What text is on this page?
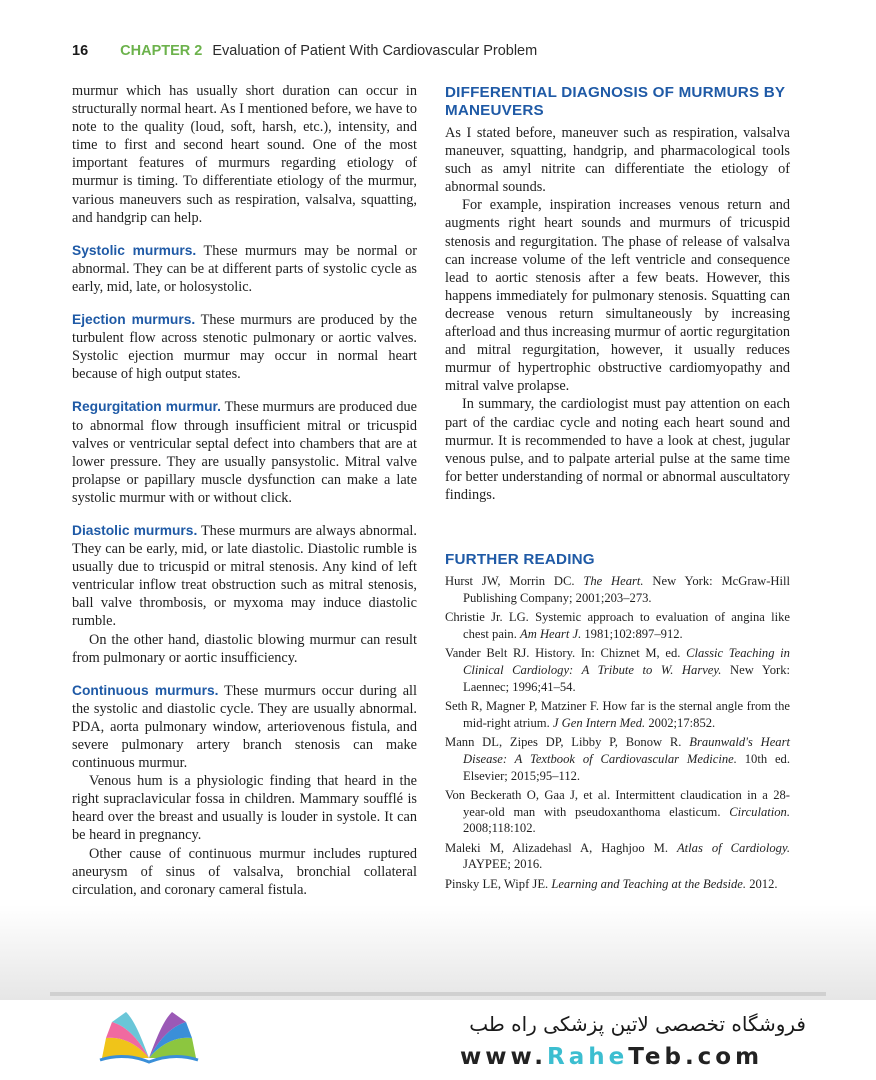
16 CHAPTER 2 Evaluation of Patient With Cardiovascular Problem

murmur which has usually short duration can occur in structurally normal heart. As I mentioned before, we have to note to the quality (loud, soft, harsh, etc.), intensity, and time to first and second heart sound. One of the most important features of murmurs regarding etiology of murmur is timing. To differentiate etiology of the murmur, various maneuvers such as respiration, valsalva, squatting, and handgrip can help.

Systolic murmurs. These murmurs may be normal or abnormal. They can be at different parts of systolic cycle as early, mid, late, or holosystolic.

Ejection murmurs. These murmurs are produced by the turbulent flow across stenotic pulmonary or aortic valves. Systolic ejection murmur may occur in normal heart because of high output states.

Regurgitation murmur. These murmurs are produced due to abnormal flow through insufficient mitral or tricuspid valves or ventricular septal defect into chambers that are at lower pressure. They are usually pansystolic. Mitral valve prolapse or papillary muscle dysfunction can make a late systolic murmur with or without click.

Diastolic murmurs. These murmurs are always abnormal. They can be early, mid, or late diastolic. Diastolic rumble is usually due to tricuspid or mitral stenosis. Any kind of left ventricular inflow treat obstruction such as mitral stenosis, ball valve thrombosis, or myxoma may induce diastolic rumble.

On the other hand, diastolic blowing murmur can result from pulmonary or aortic insufficiency.

Continuous murmurs. These murmurs occur during all the systolic and diastolic cycle. They are usually abnormal. PDA, aorta pulmonary window, arteriovenous fistula, and severe pulmonary artery branch stenosis can make continuous murmur.

Venous hum is a physiologic finding that heard in the right supraclavicular fossa in children. Mammary soufflé is heard over the breast and usually is louder in systole. It can be heard in pregnancy.

Other cause of continuous murmur includes ruptured aneurysm of sinus of valsalva, bronchial collateral circulation, and coronary cameral fistula.

DIFFERENTIAL DIAGNOSIS OF MURMURS BY MANEUVERS

As I stated before, maneuver such as respiration, valsalva maneuver, squatting, handgrip, and pharmacological tools such as amyl nitrite can differentiate the etiology of abnormal sounds.

For example, inspiration increases venous return and augments right heart sounds and murmurs of tricuspid stenosis and regurgitation. The phase of release of valsalva can increase volume of the left ventricle and consequence lead to aortic stenosis after a few beats. However, this happens immediately for pulmonary stenosis. Squatting can decrease venous return simultaneously by increasing afterload and thus increasing murmur of aortic regurgitation and mitral regurgitation, however, it usually reduces murmur of hypertrophic obstructive cardiomyopathy and mitral valve prolapse.

In summary, the cardiologist must pay attention on each part of the cardiac cycle and noting each heart sound and murmur. It is recommended to have a look at chest, jugular venous pulse, and to palpate arterial pulse at the same time for better understanding of normal or abnormal auscultatory findings.

FURTHER READING
Hurst JW, Morrin DC. The Heart. New York: McGraw-Hill Publishing Company; 2001;203–273.
Christie Jr. LG. Systemic approach to evaluation of angina like chest pain. Am Heart J. 1981;102:897–912.
Vander Belt RJ. History. In: Chiznet M, ed. Classic Teaching in Clinical Cardiology: A Tribute to W. Harvey. New York: Laennec; 1996;41–54.
Seth R, Magner P, Matziner F. How far is the sternal angle from the mid-right atrium. J Gen Intern Med. 2002;17:852.
Mann DL, Zipes DP, Libby P, Bonow R. Braunwald's Heart Disease: A Textbook of Cardiovascular Medicine. 10th ed. Elsevier; 2015;95–112.
Von Beckerath O, Gaa J, et al. Intermittent claudication in a 28-year-old man with pseudoxanthoma elasticum. Circulation. 2008;118:102.
Maleki M, Alizadehasl A, Haghjoo M. Atlas of Cardiology. JAYPEE; 2016.
Pinsky LE, Wipf JE. Learning and Teaching at the Bedside. 2012.
فروشگاه تخصصی لاتین پزشکی راه طب
www.RaheTeb.com
